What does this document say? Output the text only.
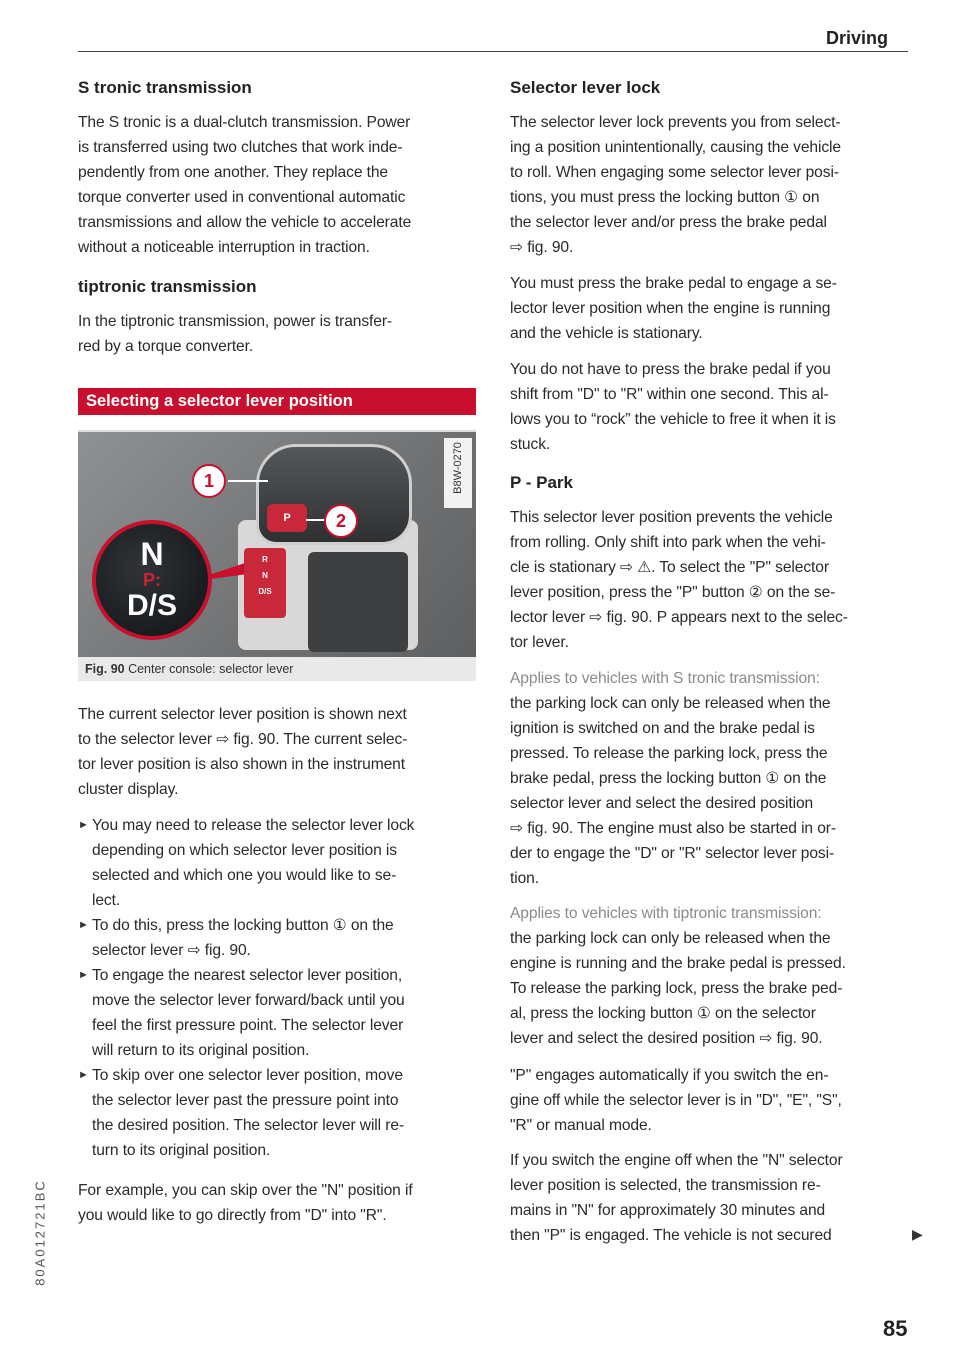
Driving
S tronic transmission
The S tronic is a dual-clutch transmission. Power
is transferred using two clutches that work inde-
pendently from one another. They replace the
torque converter used in conventional automatic
transmissions and allow the vehicle to accelerate
without a noticeable interruption in traction.
tiptronic transmission
In the tiptronic transmission, power is transfer-
red by a torque converter.
Selecting a selector lever position
B8W-0270
R
N
D/S
P
1
2
N
P:
D/S
Fig. 90 Center console: selector lever
The current selector lever position is shown next
to the selector lever ⇨ fig. 90. The current selec-
tor lever position is also shown in the instrument
cluster display.
► You may need to release the selector lever lock
depending on which selector lever position is
selected and which one you would like to se-
lect.
► To do this, press the locking button ① on the
selector lever ⇨ fig. 90.
► To engage the nearest selector lever position,
move the selector lever forward/back until you
feel the first pressure point. The selector lever
will return to its original position.
► To skip over one selector lever position, move
the selector lever past the pressure point into
the desired position. The selector lever will re-
turn to its original position.
For example, you can skip over the "N" position if
you would like to go directly from "D" into "R".
Selector lever lock
The selector lever lock prevents you from select-
ing a position unintentionally, causing the vehicle
to roll. When engaging some selector lever posi-
tions, you must press the locking button ① on
the selector lever and/or press the brake pedal
⇨ fig. 90.
You must press the brake pedal to engage a se-
lector lever position when the engine is running
and the vehicle is stationary.
You do not have to press the brake pedal if you
shift from "D" to "R" within one second. This al-
lows you to “rock” the vehicle to free it when it is
stuck.
P - Park
This selector lever position prevents the vehicle
from rolling. Only shift into park when the vehi-
cle is stationary ⇨ ⚠. To select the "P" selector
lever position, press the "P" button ② on the se-
lector lever ⇨ fig. 90. P appears next to the selec-
tor lever.
Applies to vehicles with S tronic transmission:
the parking lock can only be released when the
ignition is switched on and the brake pedal is
pressed. To release the parking lock, press the
brake pedal, press the locking button ① on the
selector lever and select the desired position
⇨ fig. 90. The engine must also be started in or-
der to engage the "D" or "R" selector lever posi-
tion.
Applies to vehicles with tiptronic transmission:
the parking lock can only be released when the
engine is running and the brake pedal is pressed.
To release the parking lock, press the brake ped-
al, press the locking button ① on the selector
lever and select the desired position ⇨ fig. 90.
"P" engages automatically if you switch the en-
gine off while the selector lever is in "D", "E", "S",
"R" or manual mode.
If you switch the engine off when the "N" selector
lever position is selected, the transmission re-
mains in "N" for approximately 30 minutes and
then "P" is engaged. The vehicle is not secured	▶
80A012721BC
85
